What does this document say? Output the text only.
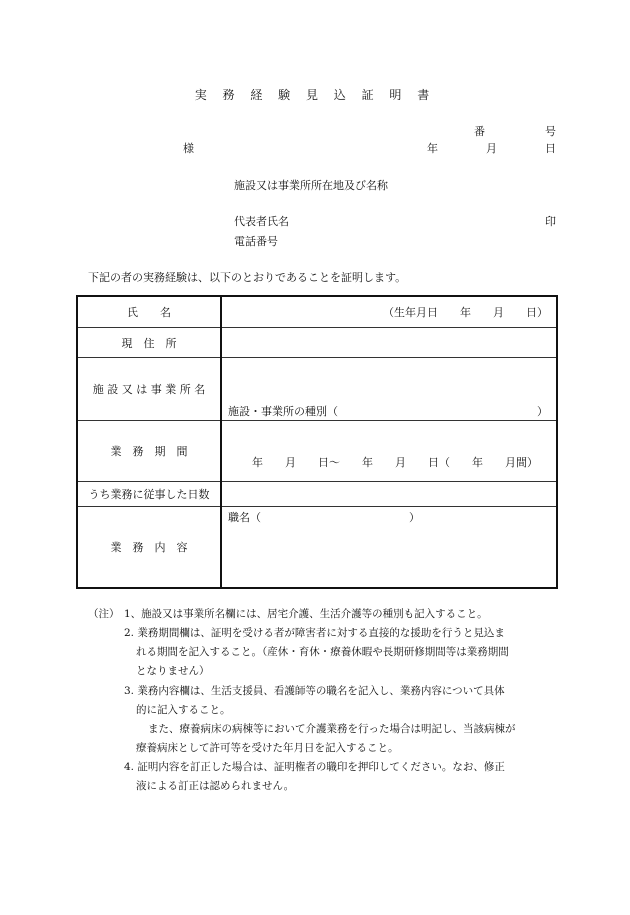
実 務 経 験 見 込 証 明 書
番	号
様	年	月	日
施設又は事業所所在地及び名称
代表者氏名	印
電話番号
下記の者の実務経験は、以下のとおりであることを証明します。
氏　　名	（生年月日　　年　　月　　日）
現　住　所	
施 設 又 は 事 業 所 名	施設・事業所の種別（ ）

業　務　期　間	年　　月　　日〜　　年　　月　　日（　　年　　月間）

うち業務に従事した日数	
業　務　内　容	職名（ ）
（注） 1、施設又は事業所名欄には、居宅介護、生活介護等の種別も記入すること。
2. 業務期間欄は、証明を受ける者が障害者に対する直接的な援助を行うと見込ま
れる期間を記入すること。（産休・育休・療養休暇や長期研修期間等は業務期間
となりません）
3. 業務内容欄は、生活支援員、看護師等の職名を記入し、業務内容について具体
的に記入すること。
また、療養病床の病棟等において介護業務を行った場合は明記し、当該病棟が
療養病床として許可等を受けた年月日を記入すること。
4. 証明内容を訂正した場合は、証明権者の職印を押印してください。なお、修正
液による訂正は認められません。
